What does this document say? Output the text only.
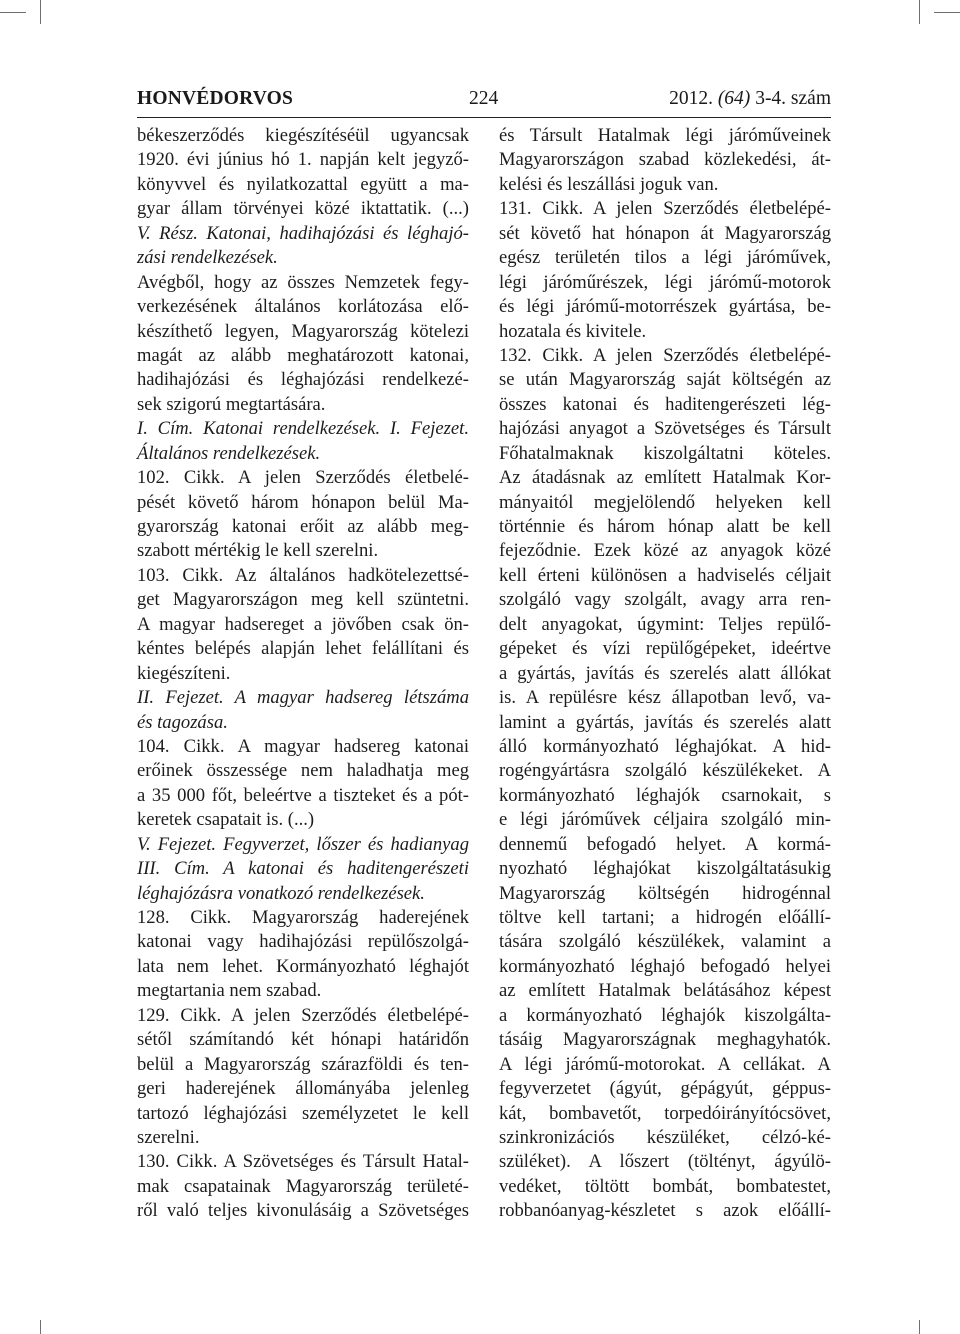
HONVÉDORVOS	224	2012. (64) 3-4. szám
békeszerződés kiegészítéséül ugyancsak
1920. évi június hó 1. napján kelt jegyző-
könyvvel és nyilatkozattal együtt a ma-
gyar állam törvényei közé iktattatik. (...)
V. Rész. Katonai, hadihajózási és léghajó-
zási rendelkezések.
Avégből, hogy az összes Nemzetek fegy-
verkezésének általános korlátozása elő-
készíthető legyen, Magyarország kötelezi
magát az alább meghatározott katonai,
hadihajózási és léghajózási rendelkezé-
sek szigorú megtartására.
I. Cím. Katonai rendelkezések. I. Fejezet.
Általános rendelkezések.
102. Cikk. A jelen Szerződés életbelé-
pését követő három hónapon belül Ma-
gyarország katonai erőit az alább meg-
szabott mértékig le kell szerelni.
103. Cikk. Az általános hadkötelezettsé-
get Magyarországon meg kell szüntetni.
A magyar hadsereget a jövőben csak ön-
kéntes belépés alapján lehet felállítani és
kiegészíteni.
II. Fejezet. A magyar hadsereg létszáma
és tagozása.
104. Cikk. A magyar hadsereg katonai
erőinek összessége nem haladhatja meg
a 35 000 főt, beleértve a tiszteket és a pót-
keretek csapatait is. (...)
V. Fejezet. Fegyverzet, lőszer és hadianyag
III. Cím. A katonai és haditengerészeti
léghajózásra vonatkozó rendelkezések.
128. Cikk. Magyarország haderejének
katonai vagy hadihajózási repülőszolgá-
lata nem lehet. Kormányozható léghajót
megtartania nem szabad.
129. Cikk. A jelen Szerződés életbelépé-
sétől számítandó két hónapi határidőn
belül a Magyarország szárazföldi és ten-
geri haderejének állományába jelenleg
tartozó léghajózási személyzetet le kell
szerelni.
130. Cikk. A Szövetséges és Társult Hatal-
mak csapatainak Magyarország területé-
ről való teljes kivonulásáig a Szövetséges
és Társult Hatalmak légi járóműveinek
Magyarországon szabad közlekedési, át-
kelési és leszállási joguk van.
131. Cikk. A jelen Szerződés életbelépé-
sét követő hat hónapon át Magyarország
egész területén tilos a légi járóművek,
légi járóműrészek, légi járómű-motorok
és légi járómű-motorrészek gyártása, be-
hozatala és kivitele.
132. Cikk. A jelen Szerződés életbelépé-
se után Magyarország saját költségén az
összes katonai és haditengerészeti lég-
hajózási anyagot a Szövetséges és Társult
Főhatalmaknak kiszolgáltatni köteles.
Az átadásnak az említett Hatalmak Kor-
mányaitól megjelölendő helyeken kell
történnie és három hónap alatt be kell
fejeződnie. Ezek közé az anyagok közé
kell érteni különösen a hadviselés céljait
szolgáló vagy szolgált, avagy arra ren-
delt anyagokat, úgymint: Teljes repülő-
gépeket és vízi repülőgépeket, ideértve
a gyártás, javítás és szerelés alatt állókat
is. A repülésre kész állapotban levő, va-
lamint a gyártás, javítás és szerelés alatt
álló kormányozható léghajókat. A hid-
rogéngyártásra szolgáló készülékeket. A
kormányozható léghajók csarnokait, s
e légi járóművek céljaira szolgáló min-
dennemű befogadó helyet. A kormá-
nyozható léghajókat kiszolgáltatásukig
Magyarország költségén hidrogénnal
töltve kell tartani; a hidrogén előállí-
tására szolgáló készülékek, valamint a
kormányozható léghajó befogadó helyei
az említett Hatalmak belátásához képest
a kormányozható léghajók kiszolgálta-
tásáig Magyarországnak meghagyhatók.
A légi járómű-motorokat. A cellákat. A
fegyverzetet (ágyút, gépágyút, géppus-
kát, bombavetőt, torpedóirányítócsövet,
szinkronizációs készüléket, célzó-ké-
szüléket). A lőszert (töltényt, ágyúlö-
vedéket, töltött bombát, bombatestet,
robbanóanyag-készletet s azok előállí-
